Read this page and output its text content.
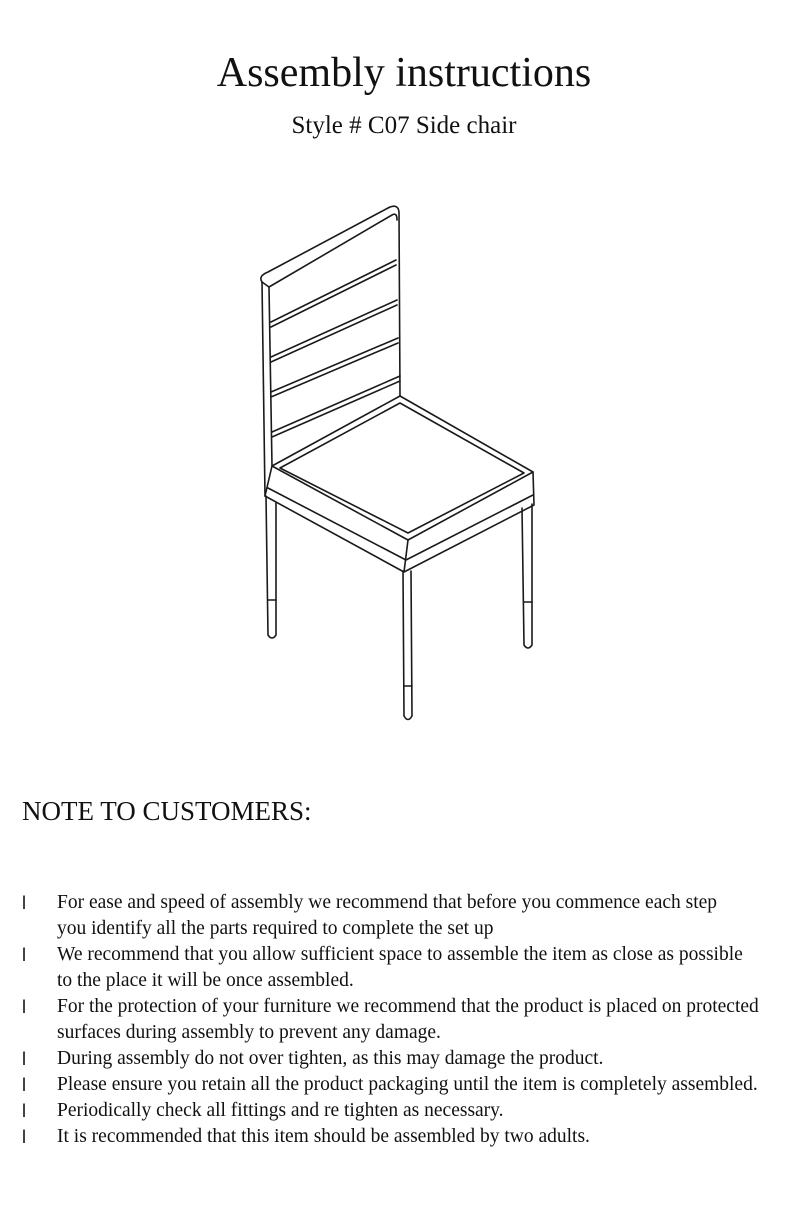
Assembly instructions
Style # C07 Side chair
NOTE TO CUSTOMERS:
l	For ease and speed of assembly we recommend that before you commence each step
you identify all the parts required to complete the set up
l	We recommend that you allow sufficient space to assemble the item as close as possible
to the place it will be once assembled.
l	For the protection of your furniture we recommend that the product is placed on protected
surfaces during assembly to prevent any damage.
l	During assembly do not over tighten, as this may damage the product.
l	Please ensure you retain all the product packaging until the item is completely assembled.
l	Periodically check all fittings and re tighten as necessary.
l	It is recommended that this item should be assembled by two adults.
